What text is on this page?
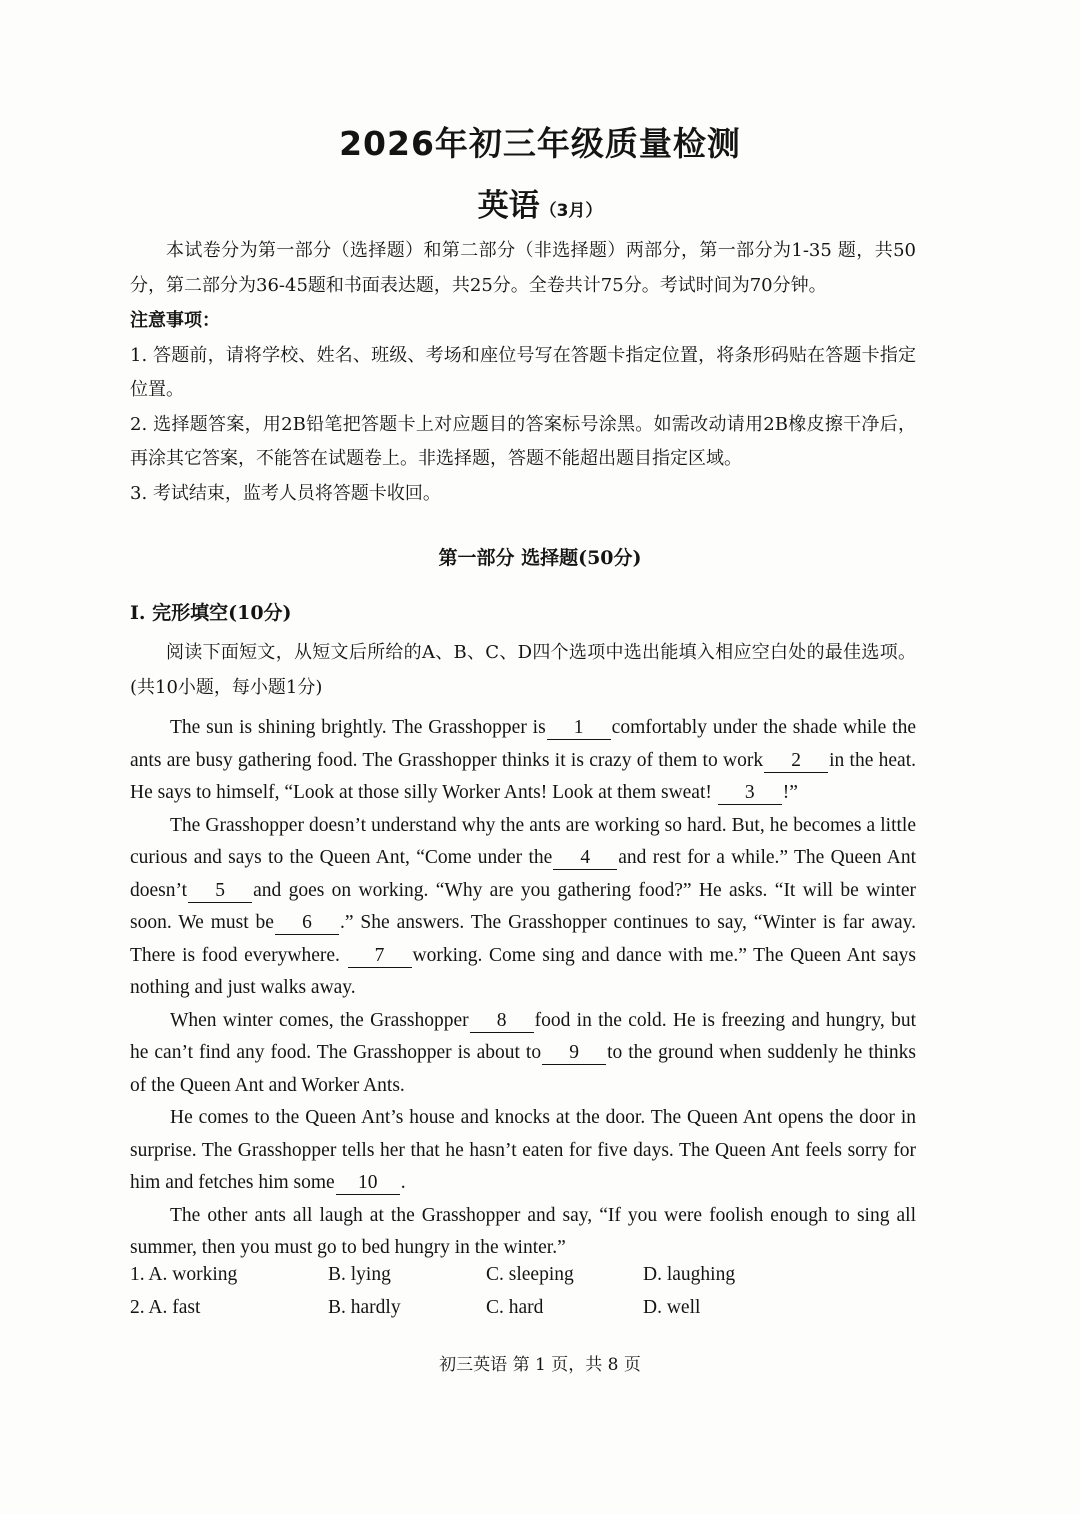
2026年初三年级质量检测
英语（3月）
本试卷分为第一部分（选择题）和第二部分（非选择题）两部分，第一部分为1-35 题，共50分，第二部分为36-45题和书面表达题，共25分。全卷共计75分。考试时间为70分钟。
注意事项：
1. 答题前，请将学校、姓名、班级、考场和座位号写在答题卡指定位置，将条形码贴在答题卡指定位置。
2. 选择题答案，用2B铅笔把答题卡上对应题目的答案标号涂黑。如需改动请用2B橡皮擦干净后，再涂其它答案，不能答在试题卷上。非选择题，答题不能超出题目指定区域。
3. 考试结束，监考人员将答题卡收回。
第一部分 选择题(50分)
I. 完形填空(10分)
阅读下面短文，从短文后所给的A、B、C、D四个选项中选出能填入相应空白处的最佳选项。(共10小题，每小题1分)

The sun is shining brightly. The Grasshopper is 1 comfortably under the shade while the ants are busy gathering food. The Grasshopper thinks it is crazy of them to work 2 in the heat. He says to himself, “Look at those silly Worker Ants! Look at them sweat! 3 !”

The Grasshopper doesn’t understand why the ants are working so hard. But, he becomes a little curious and says to the Queen Ant, “Come under the 4 and rest for a while.” The Queen Ant doesn’t 5 and goes on working. “Why are you gathering food?” He asks. “It will be winter soon. We must be 6 .” She answers. The Grasshopper continues to say, “Winter is far away. There is food everywhere. 7 working. Come sing and dance with me.” The Queen Ant says nothing and just walks away.

When winter comes, the Grasshopper 8 food in the cold. He is freezing and hungry, but he can’t find any food. The Grasshopper is about to 9 to the ground when suddenly he thinks of the Queen Ant and Worker Ants.

He comes to the Queen Ant’s house and knocks at the door. The Queen Ant opens the door in surprise. The Grasshopper tells her that he hasn’t eaten for five days. The Queen Ant feels sorry for him and fetches him some 10 .

The other ants all laugh at the Grasshopper and say, “If you were foolish enough to sing all summer, then you must go to bed hungry in the winter.”

1. A. working	B. lying	C. sleeping	D. laughing
2. A. fast	B. hardly	C. hard	D. well
初三英语 第 1 页，共 8 页
